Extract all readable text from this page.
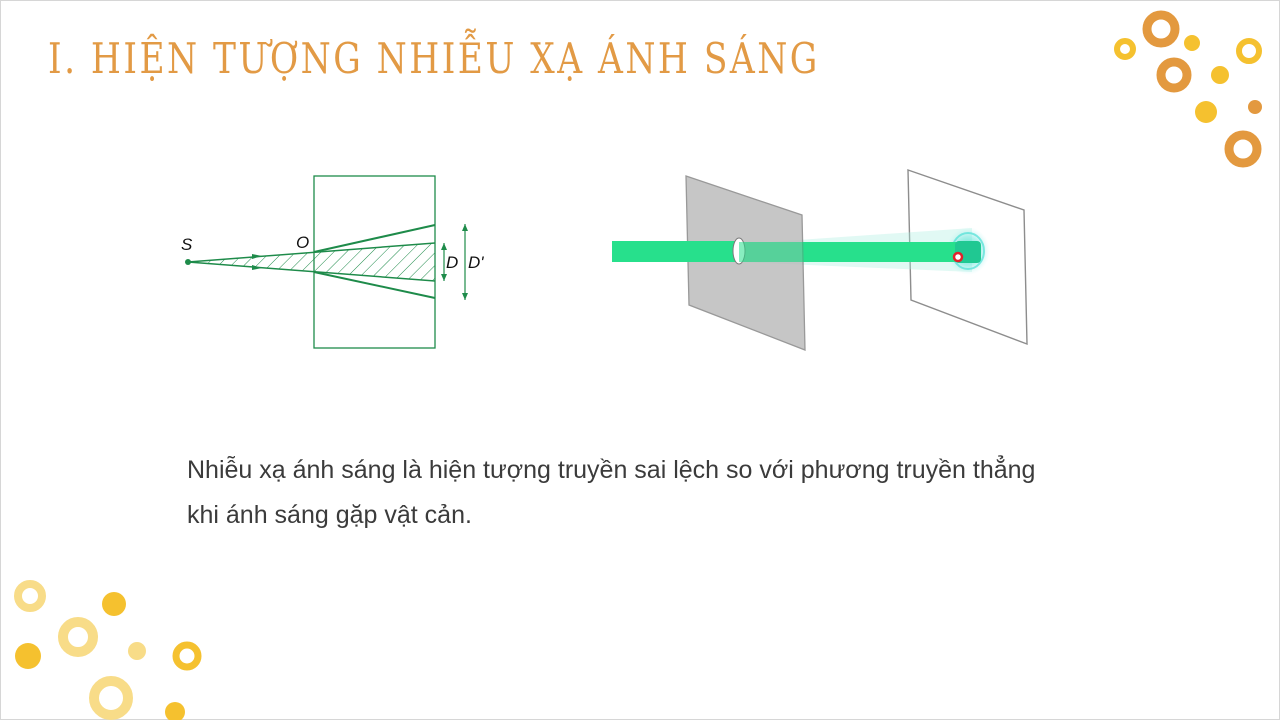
I. HIỆN TƯỢNG NHIỄU XẠ ÁNH SÁNG
S	O
D D'
Nhiễu xạ ánh sáng là hiện tượng truyền sai lệch so với phương truyền thẳng
khi ánh sáng gặp vật cản.
